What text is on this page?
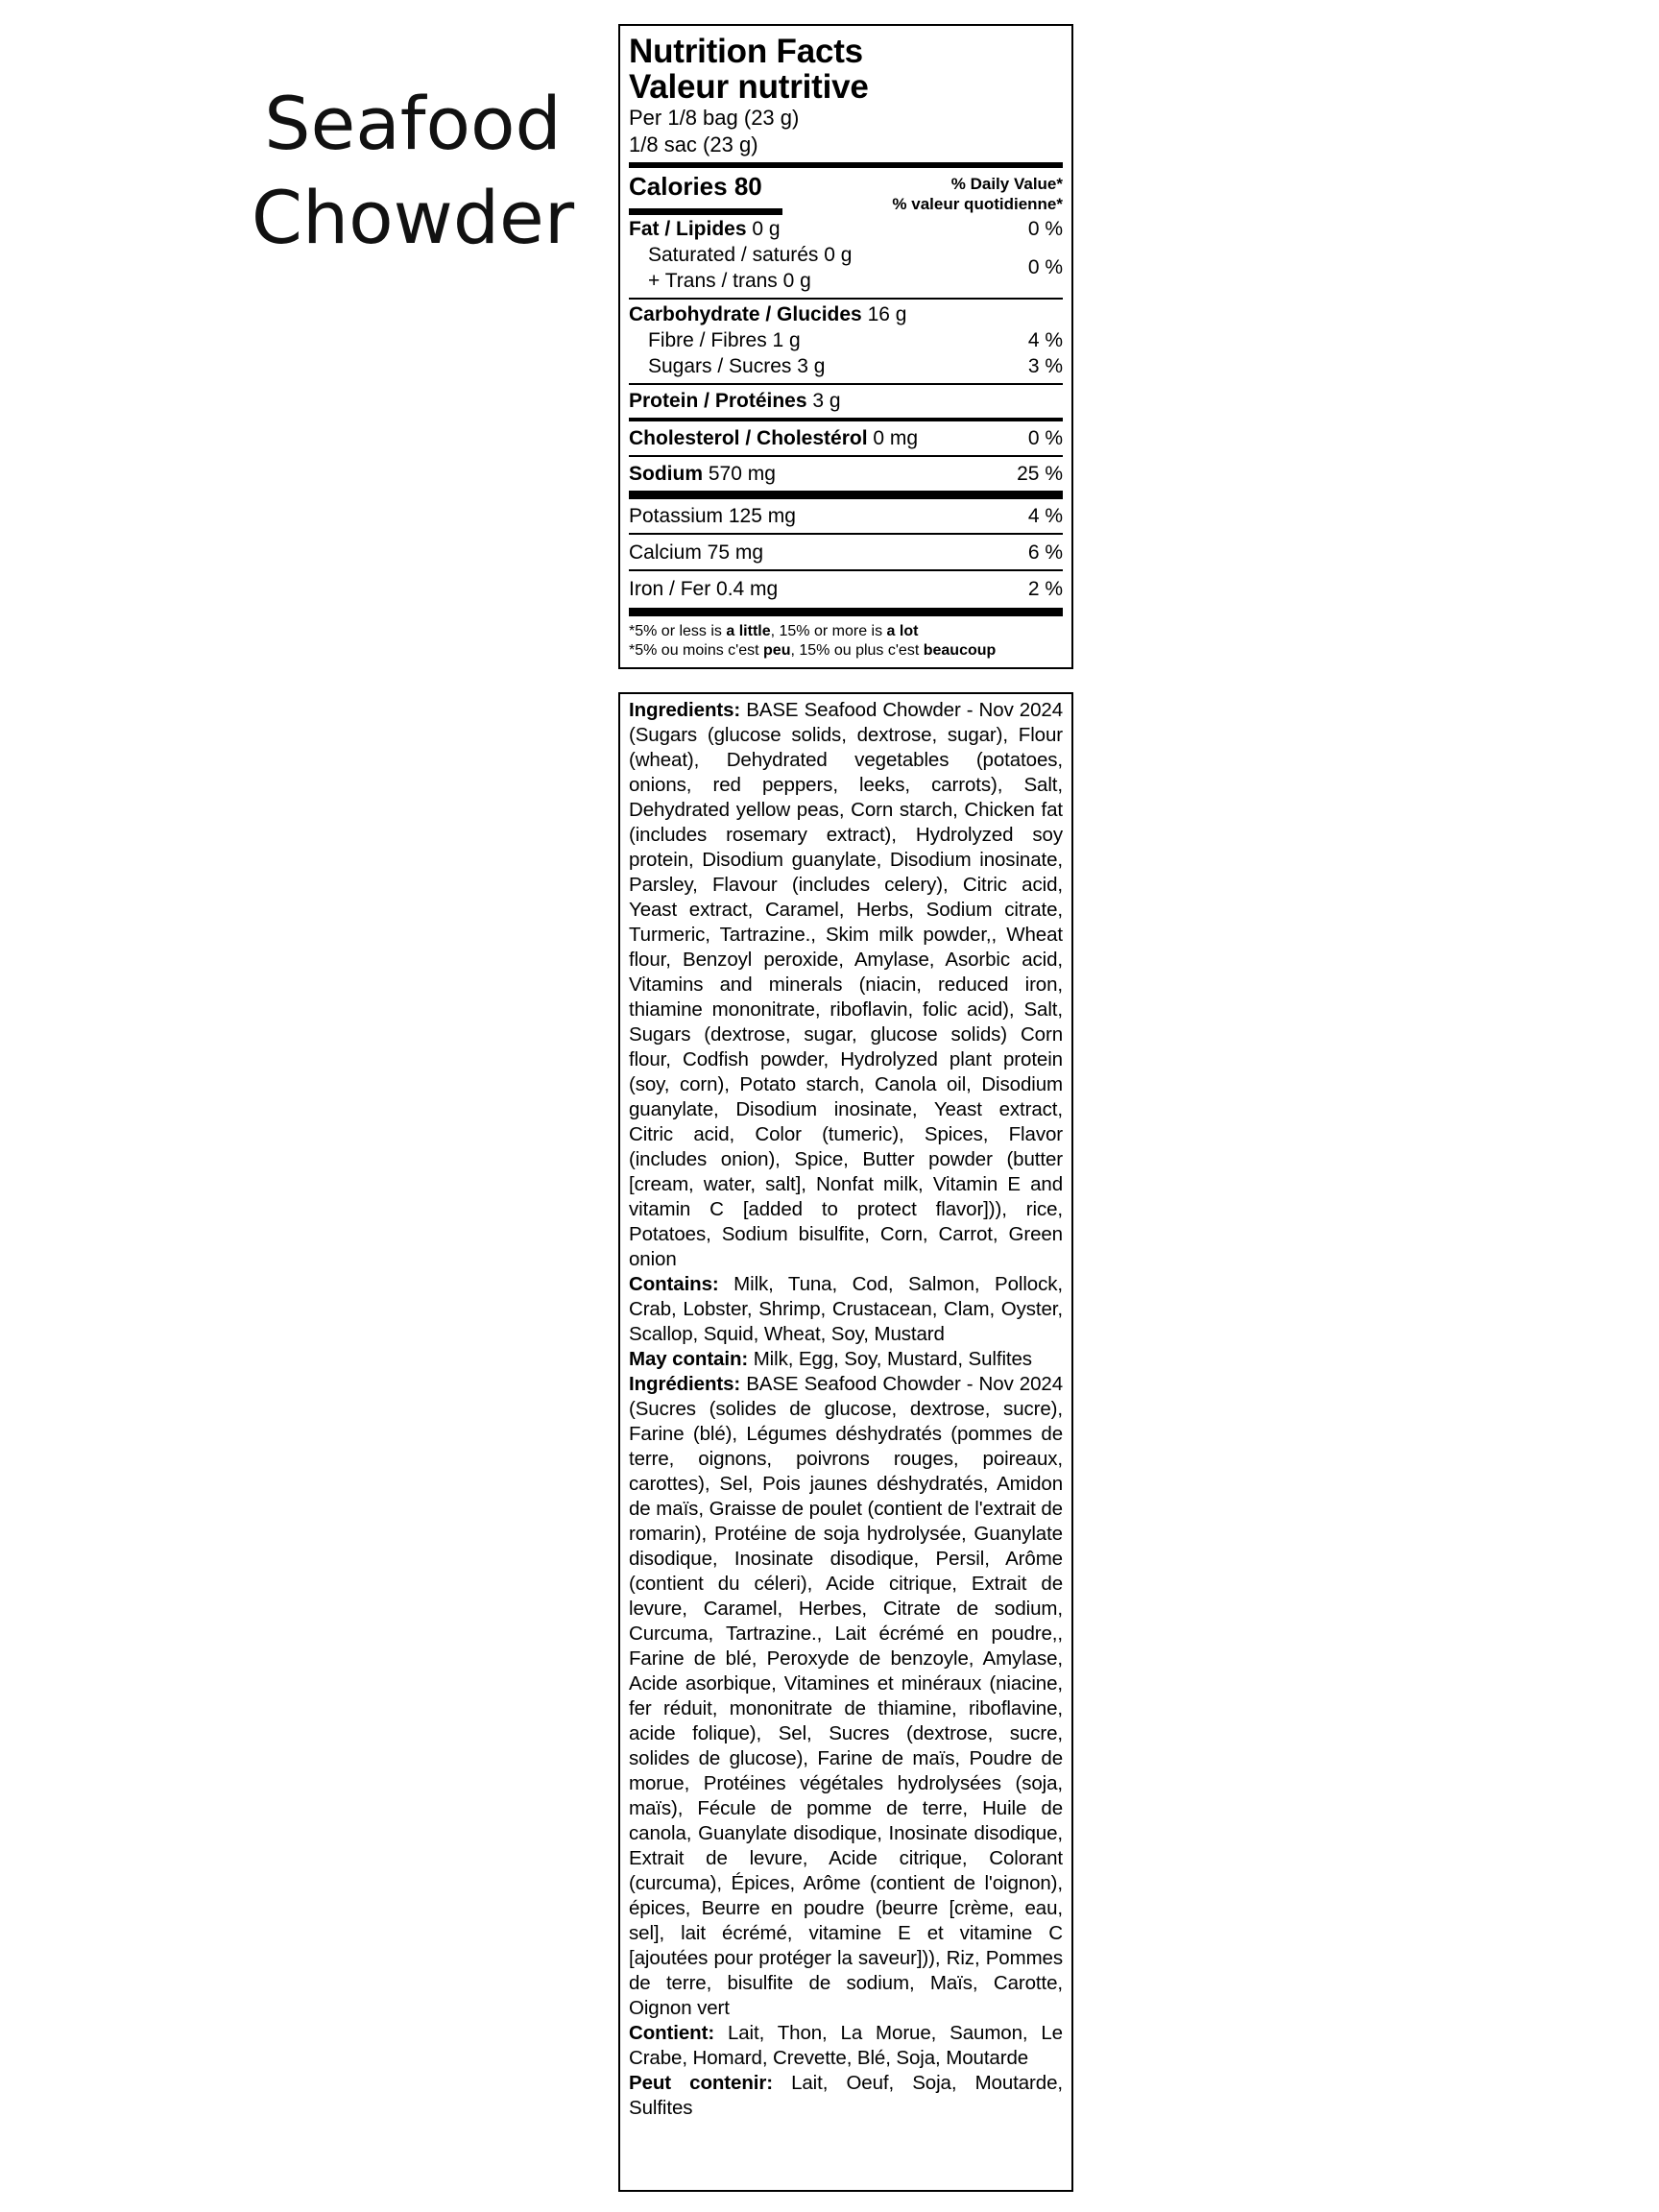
Seafood
Chowder
Nutrition Facts
Valeur nutritive
Per 1/8 bag (23 g)
1/8 sac (23 g)
Calories 80	% Daily Value*
% valeur quotidienne*
Fat / Lipides 0 g	0 %
Saturated / saturés 0 g
+ Trans / trans 0 g
0 %
Carbohydrate / Glucides 16 g
Fibre / Fibres 1 g	4 %
Sugars / Sucres 3 g	3 %
Protein / Protéines 3 g
Cholesterol / Cholestérol 0 mg	0 %
Sodium 570 mg	25 %
Potassium 125 mg	4 %
Calcium 75 mg	6 %
Iron / Fer 0.4 mg	2 %
*5% or less is a little, 15% or more is a lot
*5% ou moins c'est peu, 15% ou plus c'est beaucoup

Ingredients: BASE Seafood Chowder - Nov 2024 (Sugars (glucose solids, dextrose, sugar), Flour (wheat), Dehydrated vegetables (potatoes, onions, red peppers, leeks, carrots), Salt, Dehydrated yellow peas, Corn starch, Chicken fat (includes rosemary extract), Hydrolyzed soy protein, Disodium guanylate, Disodium inosinate, Parsley, Flavour (includes celery), Citric acid, Yeast extract, Caramel, Herbs, Sodium citrate, Turmeric, Tartrazine., Skim milk powder,, Wheat flour, Benzoyl peroxide, Amylase, Asorbic acid, Vitamins and minerals (niacin, reduced iron, thiamine mononitrate, riboflavin, folic acid), Salt, Sugars (dextrose, sugar, glucose solids) Corn flour, Codfish powder, Hydrolyzed plant protein (soy, corn), Potato starch, Canola oil, Disodium guanylate, Disodium inosinate, Yeast extract, Citric acid, Color (tumeric), Spices, Flavor (includes onion), Spice, Butter powder (butter [cream, water, salt], Nonfat milk, Vitamin E and vitamin C [added to protect flavor])), rice, Potatoes, Sodium bisulfite, Corn, Carrot, Green onion

Contains: Milk, Tuna, Cod, Salmon, Pollock, Crab, Lobster, Shrimp, Crustacean, Clam, Oyster, Scallop, Squid, Wheat, Soy, Mustard

May contain: Milk, Egg, Soy, Mustard, Sulfites

Ingrédients: BASE Seafood Chowder - Nov 2024 (Sucres (solides de glucose, dextrose, sucre), Farine (blé), Légumes déshydratés (pommes de terre, oignons, poivrons rouges, poireaux, carottes), Sel, Pois jaunes déshydratés, Amidon de maïs, Graisse de poulet (contient de l'extrait de romarin), Protéine de soja hydrolysée, Guanylate disodique, Inosinate disodique, Persil, Arôme (contient du céleri), Acide citrique, Extrait de levure, Caramel, Herbes, Citrate de sodium, Curcuma, Tartrazine., Lait écrémé en poudre,, Farine de blé, Peroxyde de benzoyle, Amylase, Acide asorbique, Vitamines et minéraux (niacine, fer réduit, mononitrate de thiamine, riboflavine, acide folique), Sel, Sucres (dextrose, sucre, solides de glucose), Farine de maïs, Poudre de morue, Protéines végétales hydrolysées (soja, maïs), Fécule de pomme de terre, Huile de canola, Guanylate disodique, Inosinate disodique, Extrait de levure, Acide citrique, Colorant (curcuma), Épices, Arôme (contient de l'oignon), épices, Beurre en poudre (beurre [crème, eau, sel], lait écrémé, vitamine E et vitamine C [ajoutées pour protéger la saveur])), Riz, Pommes de terre, bisulfite de sodium, Maïs, Carotte, Oignon vert

Contient: Lait, Thon, La Morue, Saumon, Le Crabe, Homard, Crevette, Blé, Soja, Moutarde

Peut contenir: Lait, Oeuf, Soja, Moutarde, Sulfites
